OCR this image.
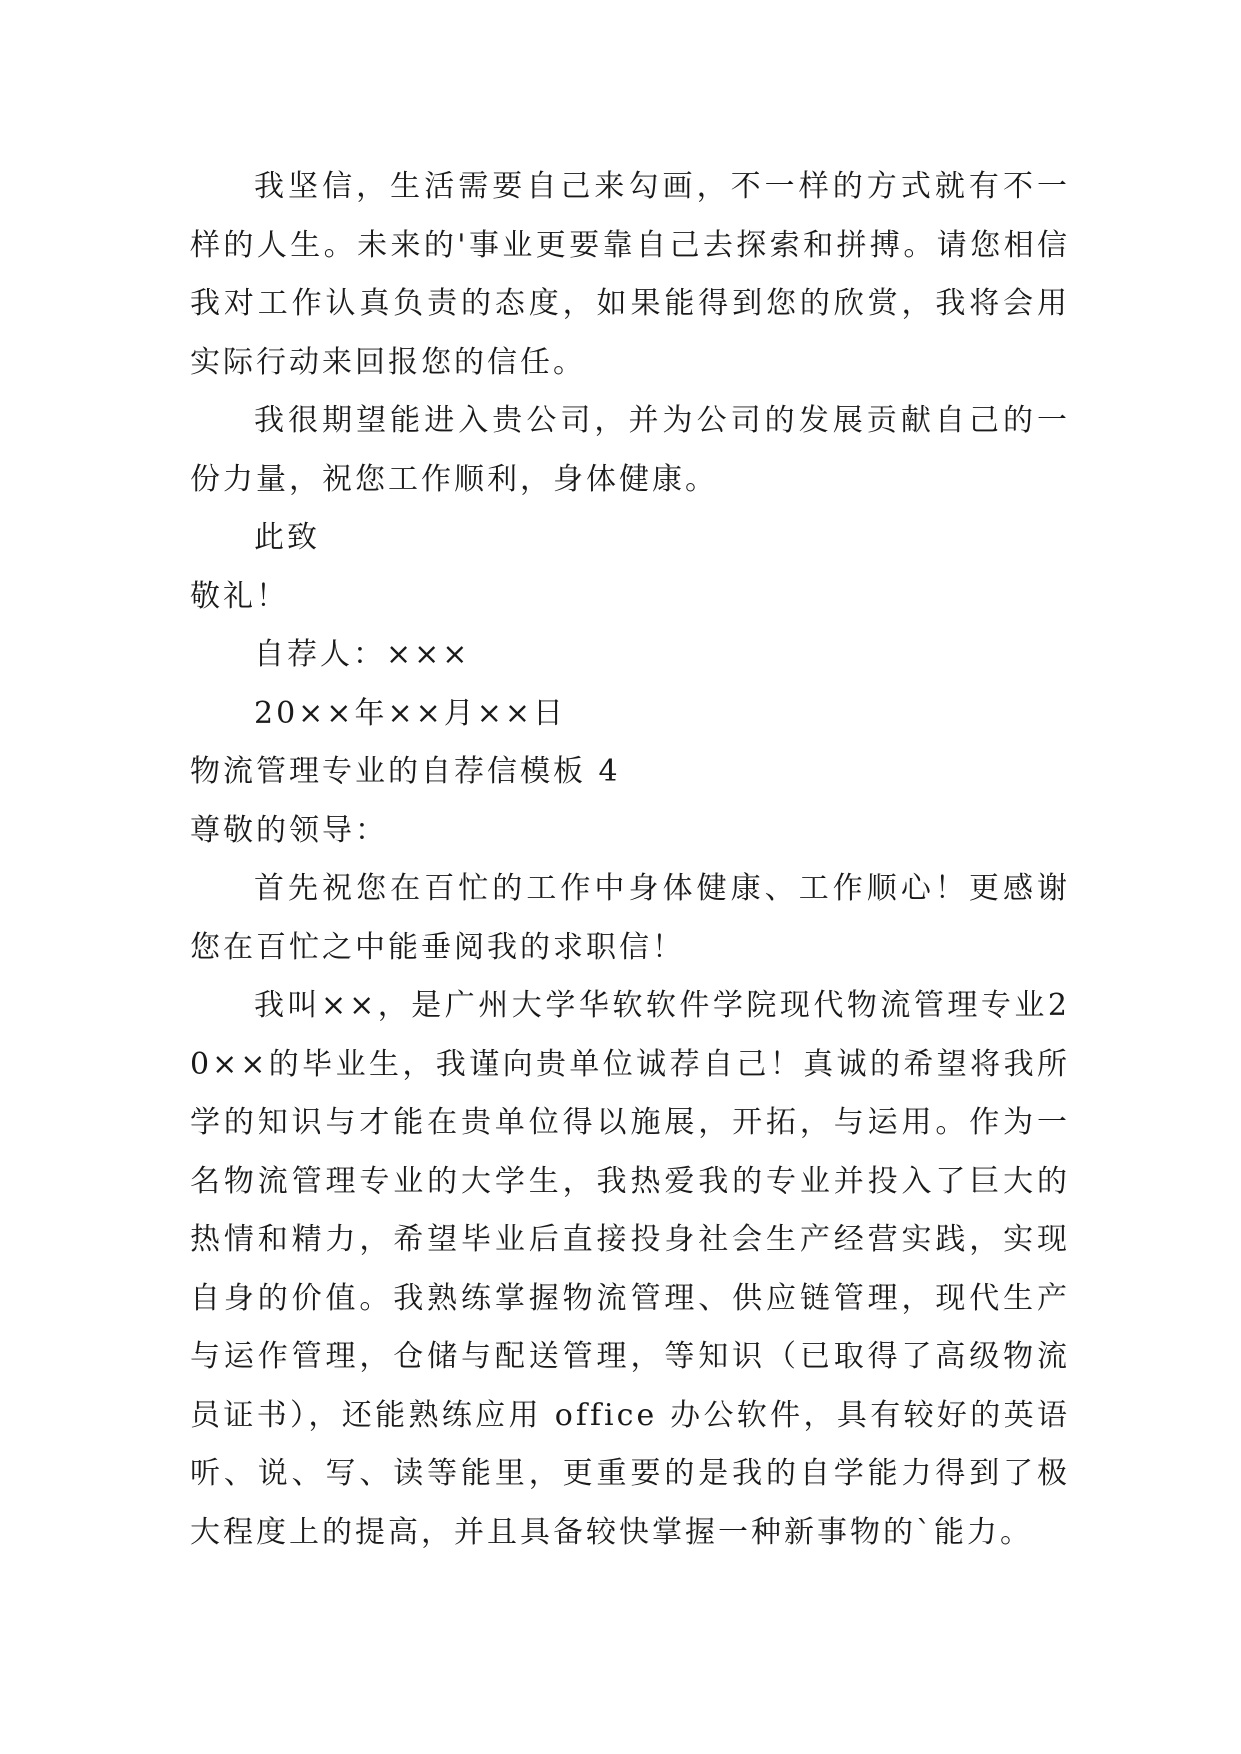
我坚信，生活需要自己来勾画，不一样的方式就有不一样的人生。未来的'事业更要靠自己去探索和拼搏。请您相信我对工作认真负责的态度，如果能得到您的欣赏，我将会用实际行动来回报您的信任。

我很期望能进入贵公司，并为公司的发展贡献自己的一份力量，祝您工作顺利，身体健康。

此致

敬礼！

自荐人：×××

20××年××月××日

物流管理专业的自荐信模板 4

尊敬的领导：

首先祝您在百忙的工作中身体健康、工作顺心！更感谢您在百忙之中能垂阅我的求职信！

我叫××，是广州大学华软软件学院现代物流管理专业20××的毕业生，我谨向贵单位诚荐自己！真诚的希望将我所学的知识与才能在贵单位得以施展，开拓，与运用。作为一名物流管理专业的大学生，我热爱我的专业并投入了巨大的热情和精力，希望毕业后直接投身社会生产经营实践，实现自身的价值。我熟练掌握物流管理、供应链管理，现代生产与运作管理，仓储与配送管理，等知识（已取得了高级物流员证书），还能熟练应用 office 办公软件，具有较好的英语听、说、写、读等能里，更重要的是我的自学能力得到了极大程度上的提高，并且具备较快掌握一种新事物的`能力。
